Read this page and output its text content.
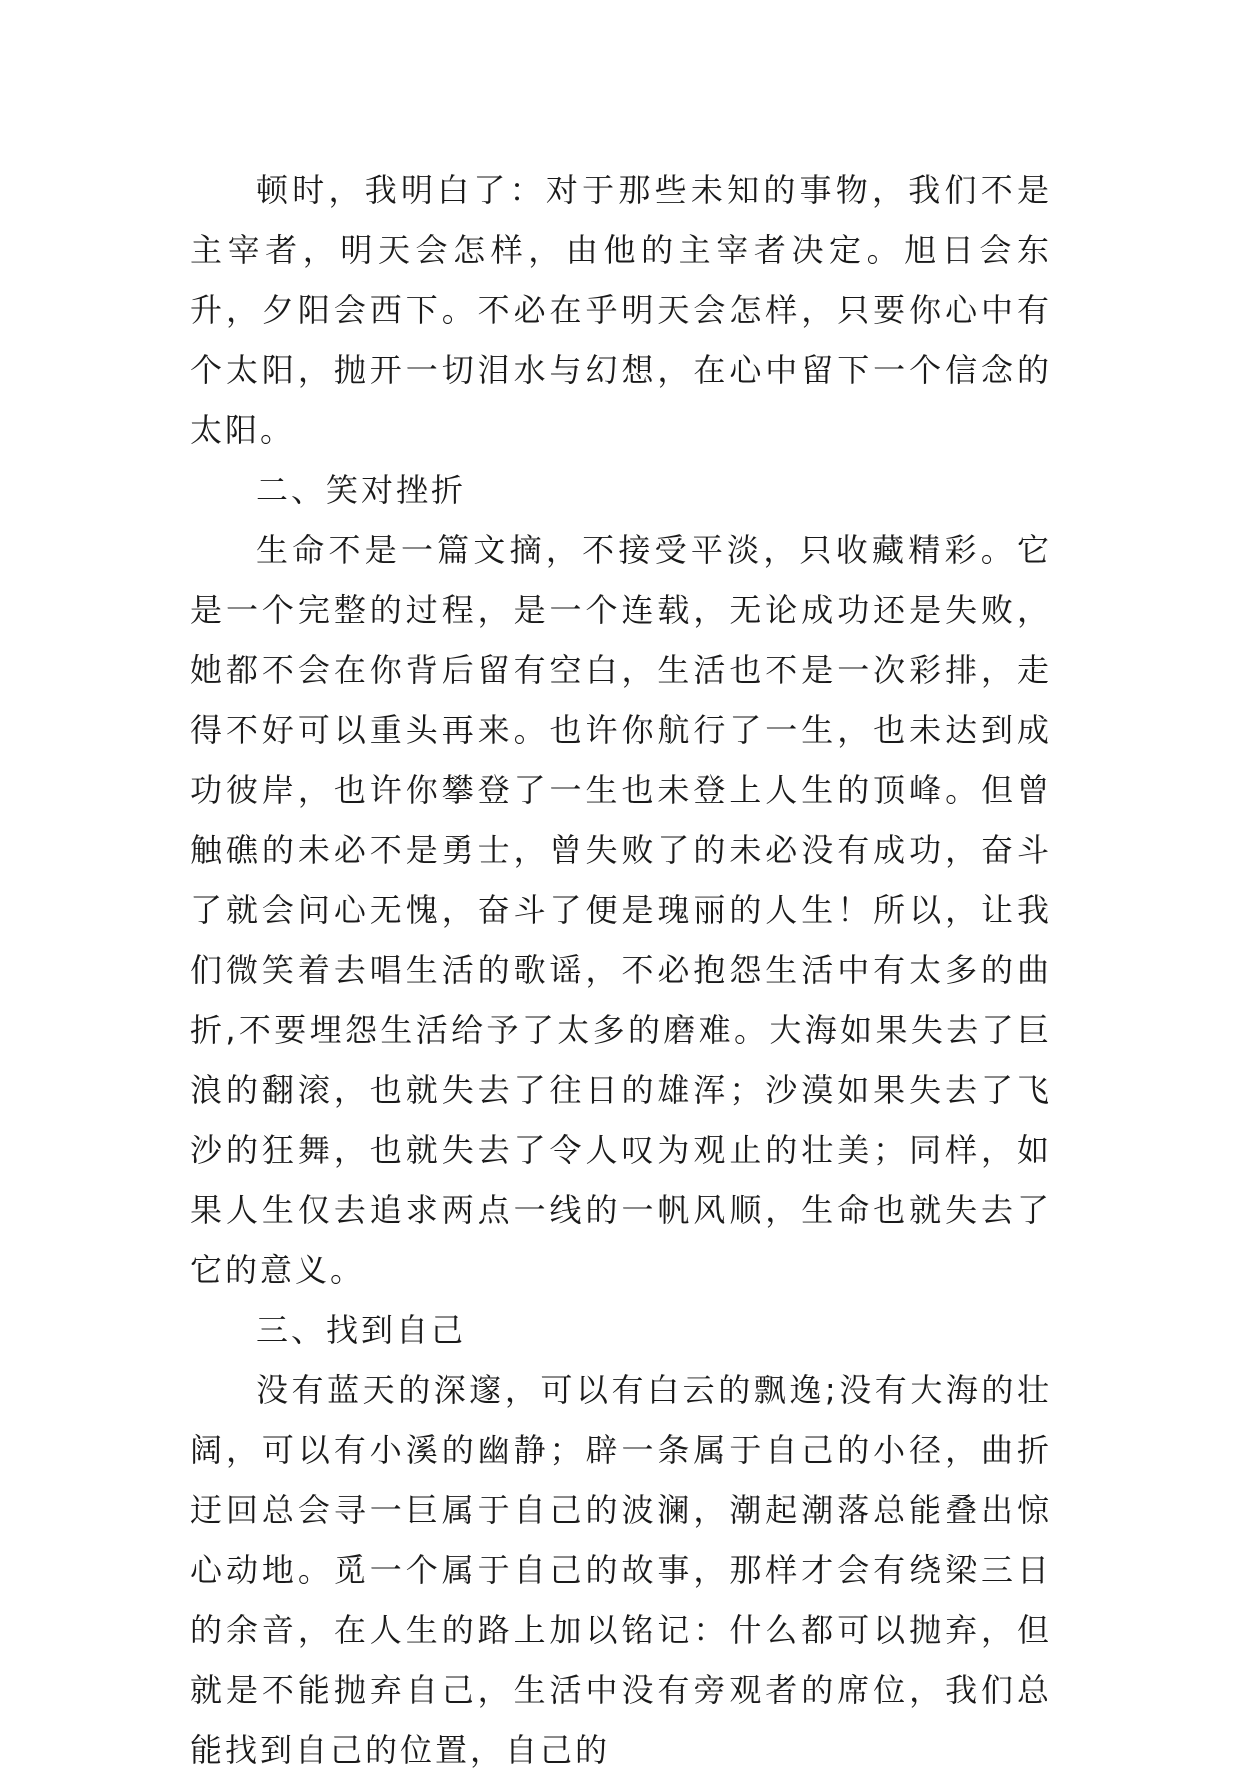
顿时，我明白了：对于那些未知的事物，我们不是主宰者，明天会怎样，由他的主宰者决定。旭日会东升，夕阳会西下。不必在乎明天会怎样，只要你心中有个太阳，抛开一切泪水与幻想，在心中留下一个信念的太阳。

二、笑对挫折

生命不是一篇文摘，不接受平淡，只收藏精彩。它是一个完整的过程，是一个连载，无论成功还是失败，她都不会在你背后留有空白，生活也不是一次彩排，走得不好可以重头再来。也许你航行了一生，也未达到成功彼岸，也许你攀登了一生也未登上人生的顶峰。但曾触礁的未必不是勇士，曾失败了的未必没有成功，奋斗了就会问心无愧，奋斗了便是瑰丽的人生！所以，让我们微笑着去唱生活的歌谣，不必抱怨生活中有太多的曲折,不要埋怨生活给予了太多的磨难。大海如果失去了巨浪的翻滚，也就失去了往日的雄浑；沙漠如果失去了飞沙的狂舞，也就失去了令人叹为观止的壮美；同样，如果人生仅去追求两点一线的一帆风顺，生命也就失去了它的意义。

三、找到自己

没有蓝天的深邃，可以有白云的飘逸;没有大海的壮阔，可以有小溪的幽静；辟一条属于自己的小径，曲折迂回总会寻一巨属于自己的波澜，潮起潮落总能叠出惊心动地。觅一个属于自己的故事，那样才会有绕梁三日的余音，在人生的路上加以铭记：什么都可以抛弃，但就是不能抛弃自己，生活中没有旁观者的席位，我们总能找到自己的位置，自己的
